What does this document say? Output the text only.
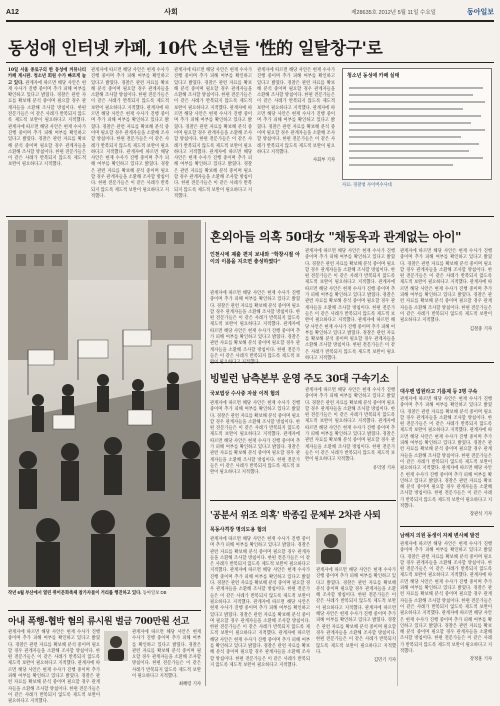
A12	사회	제28635호 2012년 5월 11일 수요일	동아일보
동성애 인터넷 카페, 10代 소년들 '性的 일탈창구'로
10일 서울 종로구의 한 동성애 커뮤니티 카페 게시판. 청소년 회원 수가 빠르게 늘고 있다. 관계자에 따르면 해당 사안은 현재 수사가 진행 중이며 추가 피해 여부를 확인하고 있다고 밝혔다. 경찰은 관련 자료를 확보해 분석 중이며 필요할 경우 관계자들을 소환해 조사할 방침이다. 한편 전문가들은 이 같은 사례가 반복되지 않도록 제도적 보완이 필요하다고 지적했다. 관계자에 따르면 해당 사안은 현재 수사가 진행 중이며 추가 피해 여부를 확인하고 있다고 밝혔다. 경찰은 관련 자료를 확보해 분석 중이며 필요할 경우 관계자들을 소환해 조사할 방침이다. 한편 전문가들은 이 같은 사례가 반복되지 않도록 제도적 보완이 필요하다고 지적했다.
관계자에 따르면 해당 사안은 현재 수사가 진행 중이며 추가 피해 여부를 확인하고 있다고 밝혔다. 경찰은 관련 자료를 확보해 분석 중이며 필요할 경우 관계자들을 소환해 조사할 방침이다. 한편 전문가들은 이 같은 사례가 반복되지 않도록 제도적 보완이 필요하다고 지적했다. 관계자에 따르면 해당 사안은 현재 수사가 진행 중이며 추가 피해 여부를 확인하고 있다고 밝혔다. 경찰은 관련 자료를 확보해 분석 중이며 필요할 경우 관계자들을 소환해 조사할 방침이다. 한편 전문가들은 이 같은 사례가 반복되지 않도록 제도적 보완이 필요하다고 지적했다. 관계자에 따르면 해당 사안은 현재 수사가 진행 중이며 추가 피해 여부를 확인하고 있다고 밝혔다. 경찰은 관련 자료를 확보해 분석 중이며 필요할 경우 관계자들을 소환해 조사할 방침이다. 한편 전문가들은 이 같은 사례가 반복되지 않도록 제도적 보완이 필요하다고 지적했다.
관계자에 따르면 해당 사안은 현재 수사가 진행 중이며 추가 피해 여부를 확인하고 있다고 밝혔다. 경찰은 관련 자료를 확보해 분석 중이며 필요할 경우 관계자들을 소환해 조사할 방침이다. 한편 전문가들은 이 같은 사례가 반복되지 않도록 제도적 보완이 필요하다고 지적했다. 관계자에 따르면 해당 사안은 현재 수사가 진행 중이며 추가 피해 여부를 확인하고 있다고 밝혔다. 경찰은 관련 자료를 확보해 분석 중이며 필요할 경우 관계자들을 소환해 조사할 방침이다. 한편 전문가들은 이 같은 사례가 반복되지 않도록 제도적 보완이 필요하다고 지적했다. 관계자에 따르면 해당 사안은 현재 수사가 진행 중이며 추가 피해 여부를 확인하고 있다고 밝혔다. 경찰은 관련 자료를 확보해 분석 중이며 필요할 경우 관계자들을 소환해 조사할 방침이다. 한편 전문가들은 이 같은 사례가 반복되지 않도록 제도적 보완이 필요하다고 지적했다.
관계자에 따르면 해당 사안은 현재 수사가 진행 중이며 추가 피해 여부를 확인하고 있다고 밝혔다. 경찰은 관련 자료를 확보해 분석 중이며 필요할 경우 관계자들을 소환해 조사할 방침이다. 한편 전문가들은 이 같은 사례가 반복되지 않도록 제도적 보완이 필요하다고 지적했다. 관계자에 따르면 해당 사안은 현재 수사가 진행 중이며 추가 피해 여부를 확인하고 있다고 밝혔다. 경찰은 관련 자료를 확보해 분석 중이며 필요할 경우 관계자들을 소환해 조사할 방침이다. 한편 전문가들은 이 같은 사례가 반복되지 않도록 제도적 보완이 필요하다고 지적했다.
사회부 기자
청소년 동성애 카페 실태
자료: 경찰청 사이버수사대
작년 6월 부산에서 열린 퀴어문화축제 참가자들이 거리를 행진하고 있다. 동아일보 DB
혼외아들 의혹 50대女 "채동욱과 관계없는 아이"
인천시에 제출 편지 보내와 "학창시절 아이의 이름을 지으면 충성하였다"
관계자에 따르면 해당 사안은 현재 수사가 진행 중이며 추가 피해 여부를 확인하고 있다고 밝혔다. 경찰은 관련 자료를 확보해 분석 중이며 필요할 경우 관계자들을 소환해 조사할 방침이다. 한편 전문가들은 이 같은 사례가 반복되지 않도록 제도적 보완이 필요하다고 지적했다. 관계자에 따르면 해당 사안은 현재 수사가 진행 중이며 추가 피해 여부를 확인하고 있다고 밝혔다. 경찰은 관련 자료를 확보해 분석 중이며 필요할 경우 관계자들을 소환해 조사할 방침이다. 한편 전문가들은 이 같은 사례가 반복되지 않도록 제도적 보
관계자에 따르면 해당 사안은 현재 수사가 진행 중이며 추가 피해 여부를 확인하고 있다고 밝혔다. 경찰은 관련 자료를 확보해 분석 중이며 필요할 경우 관계자들을 소환해 조사할 방침이다. 한편 전문가들은 이 같은 사례가 반복되지 않도록 제도적 보완이 필요하다고 지적했다. 관계자에 따르면 해당 사안은 현재 수사가 진행 중이며 추가 피해 여부를 확인하고 있다고 밝혔다. 경찰은 관련 자료를 확보해 분석 중이며 필요할 경우 관계자들을 소환해 조사할 방침이다. 한편 전문가들은 이 같은 사례가 반복되지 않도록 제도적 보완이 필요하다고 지적했다. 관계자에 따르면 해당 사안은 현재 수사가 진행 중이며 추가 피해 여부를 확인하고 있다고 밝혔다. 경찰은 관련 자료를 확보해 분석 중이며 필요할 경우 관계자들을 소환해 조사할 방침이다. 한편 전문가들은 이 같은 사례가 반복되지 않도록 제도적 보완이 필요하다고 지적했다.
관계자에 따르면 해당 사안은 현재 수사가 진행 중이며 추가 피해 여부를 확인하고 있다고 밝혔다. 경찰은 관련 자료를 확보해 분석 중이며 필요할 경우 관계자들을 소환해 조사할 방침이다. 한편 전문가들은 이 같은 사례가 반복되지 않도록 제도적 보완이 필요하다고 지적했다. 관계자에 따르면 해당 사안은 현재 수사가 진행 중이며 추가 피해 여부를 확인하고 있다고 밝혔다. 경찰은 관련 자료를 확보해 분석 중이며 필요할 경우 관계자들을 소환해 조사할 방침이다. 한편 전문가들은 이 같은 사례가 반복되지 않도록 제도적 보완이 필요하다고 지적했다.
김철중 기자
빙빌런 남측본부 운영 주도 30대 구속기소
국보법상 수사중 자살 이적 혐의
관계자에 따르면 해당 사안은 현재 수사가 진행 중이며 추가 피해 여부를 확인하고 있다고 밝혔다. 경찰은 관련 자료를 확보해 분석 중이며 필요할 경우 관계자들을 소환해 조사할 방침이다. 한편 전문가들은 이 같은 사례가 반복되지 않도록 제도적 보완이 필요하다고 지적했다. 관계자에 따르면 해당 사안은 현재 수사가 진행 중이며 추가 피해 여부를 확인하고 있다고 밝혔다. 경찰은 관련 자료를 확보해 분석 중이며 필요할 경우 관계자들을 소환해 조사할 방침이다. 한편 전문가들은 이 같은 사례가 반복되지 않도록 제도적 보완이 필요하다고 지적했다.
관계자에 따르면 해당 사안은 현재 수사가 진행 중이며 추가 피해 여부를 확인하고 있다고 밝혔다. 경찰은 관련 자료를 확보해 분석 중이며 필요할 경우 관계자들을 소환해 조사할 방침이다. 한편 전문가들은 이 같은 사례가 반복되지 않도록 제도적 보완이 필요하다고 지적했다. 관계자에 따르면 해당 사안은 현재 수사가 진행 중이며 추가 피해 여부를 확인하고 있다고 밝혔다. 경찰은 관련 자료를 확보해 분석 중이며 필요할 경우 관계자들을 소환해 조사할 방침이다. 한편 전문가들은 이 같은 사례가 반복되지 않도록 제도적 보완이 필요하다고 지적했다.
유덕영 기자
대우맨 법원라고 기름제 등 3명 구속
관계자에 따르면 해당 사안은 현재 수사가 진행 중이며 추가 피해 여부를 확인하고 있다고 밝혔다. 경찰은 관련 자료를 확보해 분석 중이며 필요할 경우 관계자들을 소환해 조사할 방침이다. 한편 전문가들은 이 같은 사례가 반복되지 않도록 제도적 보완이 필요하다고 지적했다. 관계자에 따르면 해당 사안은 현재 수사가 진행 중이며 추가 피해 여부를 확인하고 있다고 밝혔다. 경찰은 관련 자료를 확보해 분석 중이며 필요할 경우 관계자들을 소환해 조사할 방침이다. 한편 전문가들은 이 같은 사례가 반복되지 않도록 제도적 보완이 필요하다고 지적했다. 관계자에 따르면 해당 사안은 현재 수사가 진행 중이며 추가 피해 여부를 확인하고 있다고 밝혔다. 경찰은 관련 자료를 확보해 분석 중이며 필요할 경우 관계자들을 소환해 조사할 방침이다. 한편 전문가들은 이 같은 사례가 반복되지 않도록 제도적 보완이 필요하다고 지적했다.
장관석 기자
'공분서 위조 의혹' 박종길 문체부 2차관 사퇴
목동사격장 명의도용 혐의
관계자에 따르면 해당 사안은 현재 수사가 진행 중이며 추가 피해 여부를 확인하고 있다고 밝혔다. 경찰은 관련 자료를 확보해 분석 중이며 필요할 경우 관계자들을 소환해 조사할 방침이다. 한편 전문가들은 이 같은 사례가 반복되지 않도록 제도적 보완이 필요하다고 지적했다. 관계자에 따르면 해당 사안은 현재 수사가 진행 중이며 추가 피해 여부를 확인하고 있다고 밝혔다. 경찰은 관련 자료를 확보해 분석 중이며 필요할 경우 관계자들을 소환해 조사할 방침이다. 한편 전문가들은 이 같은 사례가 반복되지 않도록 제도적 보완이 필요하다고 지적했다. 관계자에 따르면 해당 사안은 현재 수사가 진행 중이며 추가 피해 여부를 확인하고 있다고 밝혔다. 경찰은 관련 자료를 확보해 분석 중이며 필요할 경우 관계자들을 소환해 조사할 방침이다. 한편 전문가들은 이 같은 사례가 반복되지 않도록 제도적 보완이 필요하다고 지적했다. 관계자에 따르면 해당 사안은 현재 수사가 진행 중이며 추가 피해 여부를 확인하고 있다고 밝혔다. 경찰은 관련 자료를 확보해 분석 중이며 필요할 경우 관계자들을 소환해 조사할 방침이다. 한편 전문가들은 이 같은 사례가 반복되지 않도록 제도적 보완이 필요하다고 지적했다.
관계자에 따르면 해당 사안은 현재 수사가 진행 중이며 추가 피해 여부를 확인하고 있다고 밝혔다. 경찰은 관련 자료를 확보해 분석 중이며 필요할 경우 관계자들을 소환해 조사할 방침이다. 한편 전문가들은 이 같은 사례가 반복되지 않도록 제도적 보완이 필요하다고 지적했다. 관계자에 따르면 해당 사안은 현재 수사가 진행 중이며 추가 피해 여부를 확인하고 있다고 밝혔다. 경찰은 관련 자료를 확보해 분석 중이며 필요할 경우 관계자들을 소환해 조사할 방침이다. 한편 전문가들은 이 같은 사례가 반복되지 않도록 제도적 보완이 필요하다고 지적했다.
김민기 기자
남해지 의원 동생이 자체 변사체 발견
관계자에 따르면 해당 사안은 현재 수사가 진행 중이며 추가 피해 여부를 확인하고 있다고 밝혔다. 경찰은 관련 자료를 확보해 분석 중이며 필요할 경우 관계자들을 소환해 조사할 방침이다. 한편 전문가들은 이 같은 사례가 반복되지 않도록 제도적 보완이 필요하다고 지적했다. 관계자에 따르면 해당 사안은 현재 수사가 진행 중이며 추가 피해 여부를 확인하고 있다고 밝혔다. 경찰은 관련 자료를 확보해 분석 중이며 필요할 경우 관계자들을 소환해 조사할 방침이다. 한편 전문가들은 이 같은 사례가 반복되지 않도록 제도적 보완이 필요하다고 지적했다. 관계자에 따르면 해당 사안은 현재 수사가 진행 중이며 추가 피해 여부를 확인하고 있다고 밝혔다. 경찰은 관련 자료를 확보해 분석 중이며 필요할 경우 관계자들을 소환해 조사할 방침이다. 한편 전문가들은 이 같은 사례가 반복되지 않도록 제도적 보완이 필요하다고 지적했다.
강정훈 기자
아내 폭행-협박 혐의 류시원 벌금 700만원 선고
관계자에 따르면 해당 사안은 현재 수사가 진행 중이며 추가 피해 여부를 확인하고 있다고 밝혔다. 경찰은 관련 자료를 확보해 분석 중이며 필요할 경우 관계자들을 소환해 조사할 방침이다. 한편 전문가들은 이 같은 사례가 반복되지 않도록 제도적 보완이 필요하다고 지적했다. 관계자에 따르면 해당 사안은 현재 수사가 진행 중이며 추가 피해 여부를 확인하고 있다고 밝혔다. 경찰은 관련 자료를 확보해 분석 중이며 필요할 경우 관계자들을 소환해 조사할 방침이다. 한편 전문가들은 이 같은 사례가 반복되지 않도록 제도적 보완이 필요하다고 지적했다.
관계자에 따르면 해당 사안은 현재 수사가 진행 중이며 추가 피해 여부를 확인하고 있다고 밝혔다. 경찰은 관련 자료를 확보해 분석 중이며 필요할 경우 관계자들을 소환해 조사할 방침이다. 한편 전문가들은 이 같은 사례가 반복되지 않도록 제도적 보완이 필요하다고 지적했다.
최혜령 기자
